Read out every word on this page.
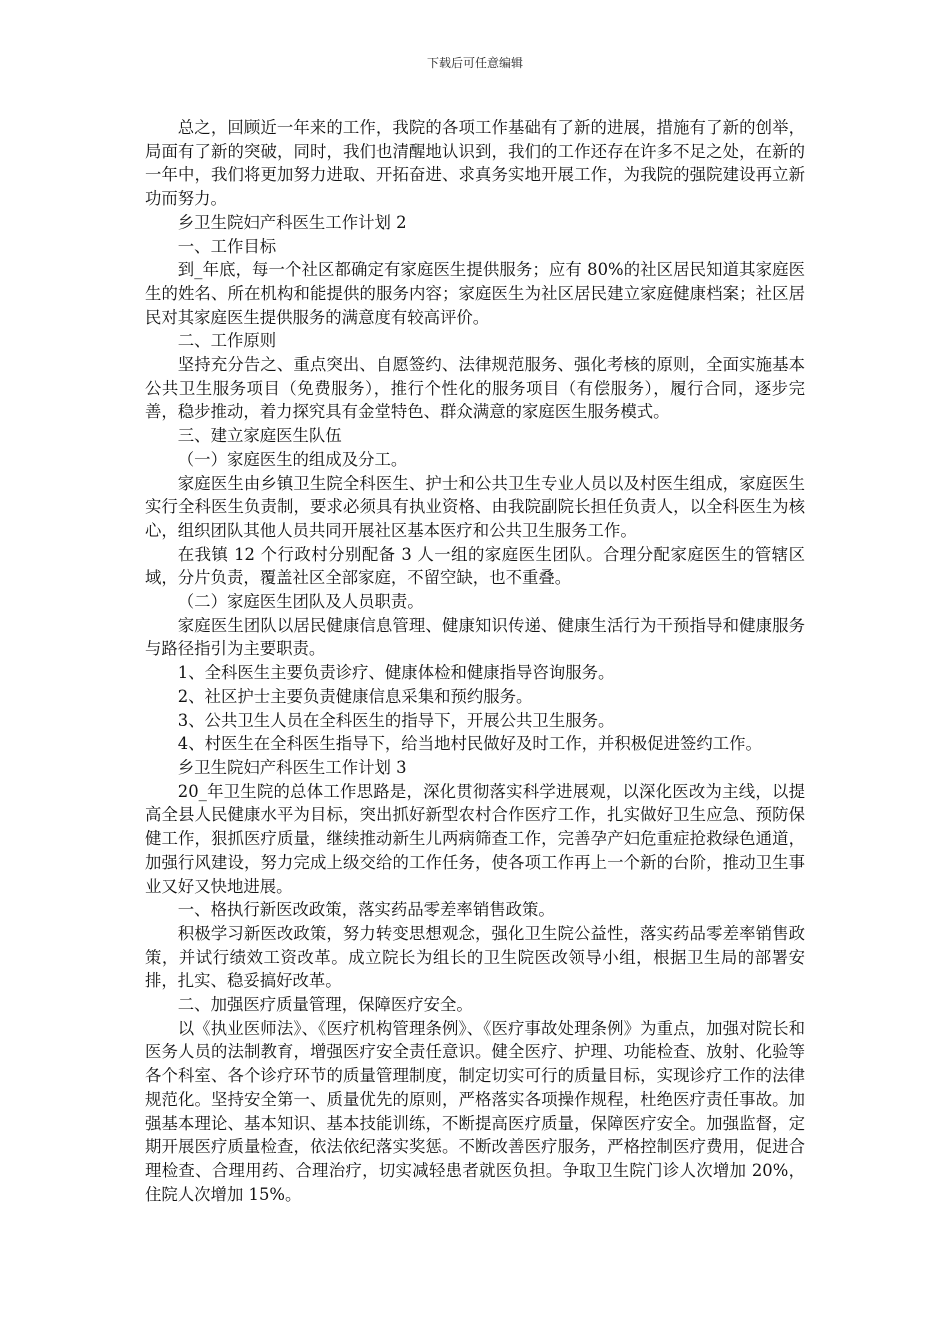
下载后可任意编辑

总之，回顾近一年来的工作，我院的各项工作基础有了新的进展，措施有了新的创举，局面有了新的突破，同时，我们也清醒地认识到，我们的工作还存在许多不足之处，在新的一年中，我们将更加努力进取、开拓奋进、求真务实地开展工作，为我院的强院建设再立新功而努力。

乡卫生院妇产科医生工作计划 2

一、工作目标

到_年底，每一个社区都确定有家庭医生提供服务；应有 80%的社区居民知道其家庭医生的姓名、所在机构和能提供的服务内容；家庭医生为社区居民建立家庭健康档案；社区居民对其家庭医生提供服务的满意度有较高评价。

二、工作原则

坚持充分告之、重点突出、自愿签约、法律规范服务、强化考核的原则，全面实施基本公共卫生服务项目（免费服务），推行个性化的服务项目（有偿服务），履行合同，逐步完善，稳步推动，着力探究具有金堂特色、群众满意的家庭医生服务模式。

三、建立家庭医生队伍

（一）家庭医生的组成及分工。

家庭医生由乡镇卫生院全科医生、护士和公共卫生专业人员以及村医生组成，家庭医生实行全科医生负责制，要求必须具有执业资格、由我院副院长担任负责人，以全科医生为核心，组织团队其他人员共同开展社区基本医疗和公共卫生服务工作。

在我镇 12 个行政村分别配备 3 人一组的家庭医生团队。合理分配家庭医生的管辖区域，分片负责，覆盖社区全部家庭，不留空缺，也不重叠。

（二）家庭医生团队及人员职责。

家庭医生团队以居民健康信息管理、健康知识传递、健康生活行为干预指导和健康服务与路径指引为主要职责。

1、全科医生主要负责诊疗、健康体检和健康指导咨询服务。

2、社区护士主要负责健康信息采集和预约服务。

3、公共卫生人员在全科医生的指导下，开展公共卫生服务。

4、村医生在全科医生指导下，给当地村民做好及时工作，并积极促进签约工作。

乡卫生院妇产科医生工作计划 3

20_年卫生院的总体工作思路是，深化贯彻落实科学进展观，以深化医改为主线，以提高全县人民健康水平为目标，突出抓好新型农村合作医疗工作，扎实做好卫生应急、预防保健工作，狠抓医疗质量，继续推动新生儿两病筛查工作，完善孕产妇危重症抢救绿色通道，加强行风建设，努力完成上级交给的工作任务，使各项工作再上一个新的台阶，推动卫生事业又好又快地进展。

一、格执行新医改政策，落实药品零差率销售政策。

积极学习新医改政策，努力转变思想观念，强化卫生院公益性，落实药品零差率销售政策，并试行绩效工资改革。成立院长为组长的卫生院医改领导小组，根据卫生局的部署安排，扎实、稳妥搞好改革。

二、加强医疗质量管理，保障医疗安全。

以《执业医师法》、《医疗机构管理条例》、《医疗事故处理条例》为重点，加强对院长和医务人员的法制教育，增强医疗安全责任意识。健全医疗、护理、功能检查、放射、化验等各个科室、各个诊疗环节的质量管理制度，制定切实可行的质量目标，实现诊疗工作的法律规范化。坚持安全第一、质量优先的原则，严格落实各项操作规程，杜绝医疗责任事故。加强基本理论、基本知识、基本技能训练，不断提高医疗质量，保障医疗安全。加强监督，定期开展医疗质量检查，依法依纪落实奖惩。不断改善医疗服务，严格控制医疗费用，促进合理检查、合理用药、合理治疗，切实减轻患者就医负担。争取卫生院门诊人次增加 20%，住院人次增加 15%。
